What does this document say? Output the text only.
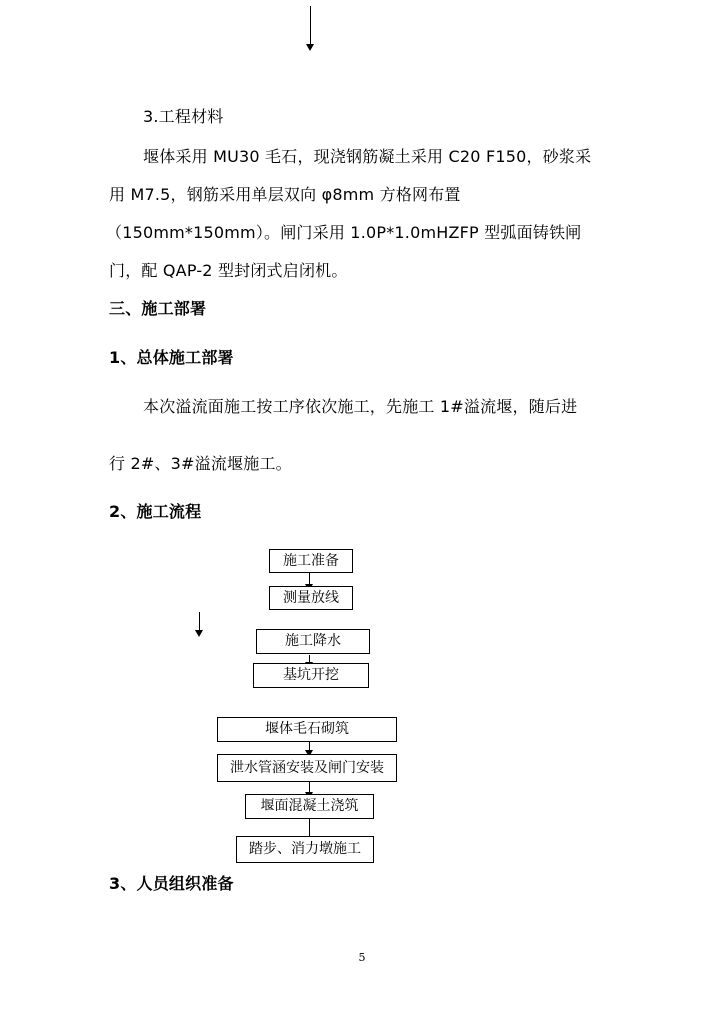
3.工程材料
堰体采用 MU30 毛石，现浇钢筋凝土采用 C20 F150，砂浆采
用 M7.5，钢筋采用单层双向 φ8mm 方格网布置
（150mm*150mm）。闸门采用 1.0P*1.0mHZFP 型弧面铸铁闸
门，配 QAP-2 型封闭式启闭机。
三、施工部署
1、总体施工部署
本次溢流面施工按工序依次施工，先施工 1#溢流堰，随后进
行 2#、3#溢流堰施工。
2、施工流程
施工准备
测量放线
施工降水
基坑开挖
堰体毛石砌筑
泄水管涵安装及闸门安装
堰面混凝土浇筑
踏步、消力墩施工
3、人员组织准备
5
